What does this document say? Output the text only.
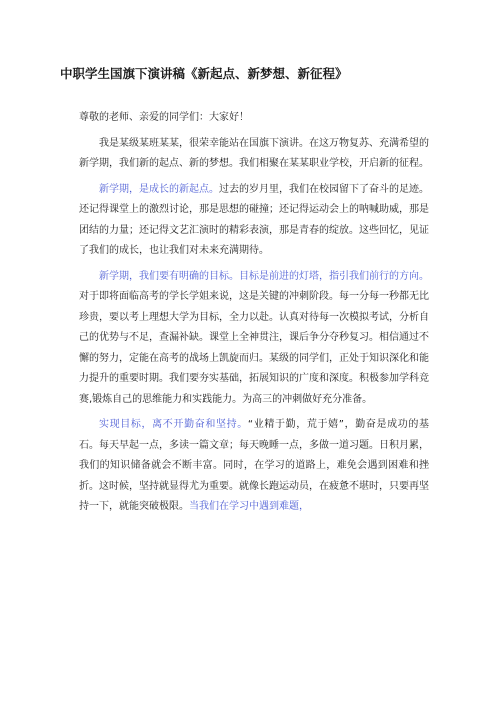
中职学生国旗下演讲稿《新起点、新梦想、新征程》

尊敬的老师、亲爱的同学们：大家好！

我是某级某班某某，很荣幸能站在国旗下演讲。在这万物复苏、充满希望的新学期，我们新的起点、新的梦想。我们相聚在某某职业学校，开启新的征程。

新学期，是成长的新起点。过去的岁月里，我们在校园留下了奋斗的足迹。还记得课堂上的激烈讨论，那是思想的碰撞；还记得运动会上的呐喊助威，那是团结的力量；还记得文艺汇演时的精彩表演，那是青春的绽放。这些回忆，见证了我们的成长，也让我们对未来充满期待。

新学期，我们要有明确的目标。目标是前进的灯塔，指引我们前行的方向。对于即将面临高考的学长学姐来说，这是关键的冲刺阶段。每一分每一秒都无比珍贵，要以考上理想大学为目标，全力以赴。认真对待每一次模拟考试，分析自己的优势与不足，查漏补缺。课堂上全神贯注，课后争分夺秒复习。相信通过不懈的努力，定能在高考的战场上凯旋而归。某级的同学们，正处于知识深化和能力提升的重要时期。我们要夯实基础，拓展知识的广度和深度。积极参加学科竞赛,锻炼自己的思维能力和实践能力。为高三的冲刺做好充分准备。

实现目标，离不开勤奋和坚持。“业精于勤，荒于嬉”，勤奋是成功的基石。每天早起一点，多读一篇文章；每天晚睡一点，多做一道习题。日积月累，我们的知识储备就会不断丰富。同时，在学习的道路上，难免会遇到困难和挫折。这时候，坚持就显得尤为重要。就像长跑运动员，在疲惫不堪时，只要再坚持一下，就能突破极限。当我们在学习中遇到难题，
